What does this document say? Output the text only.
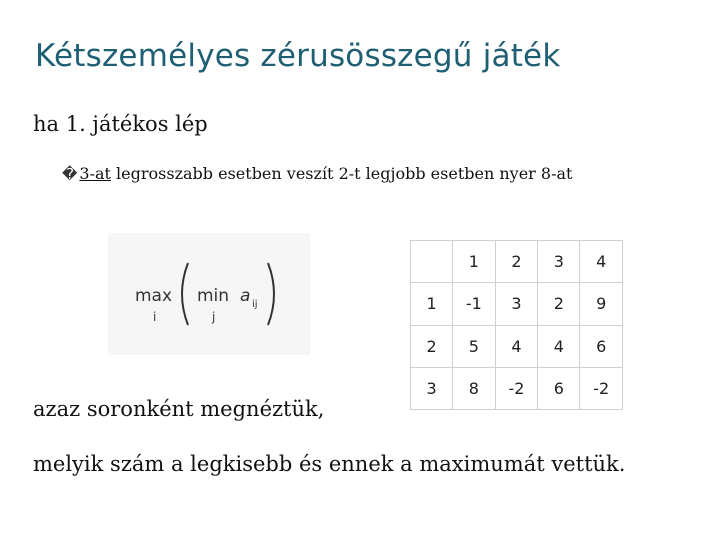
Kétszemélyes zérusösszegű játék
ha 1. játékos lép
� 3-at legrosszabb esetben veszít 2-t legjobb esetben nyer 8-at
max
i
min
j
a ij
	1	2	3	4
1	-1	3	2	9
2	5	4	4	6
3	8	-2	6	-2
azaz soronként megnéztük,
melyik szám a legkisebb és ennek a maximumát vettük.
